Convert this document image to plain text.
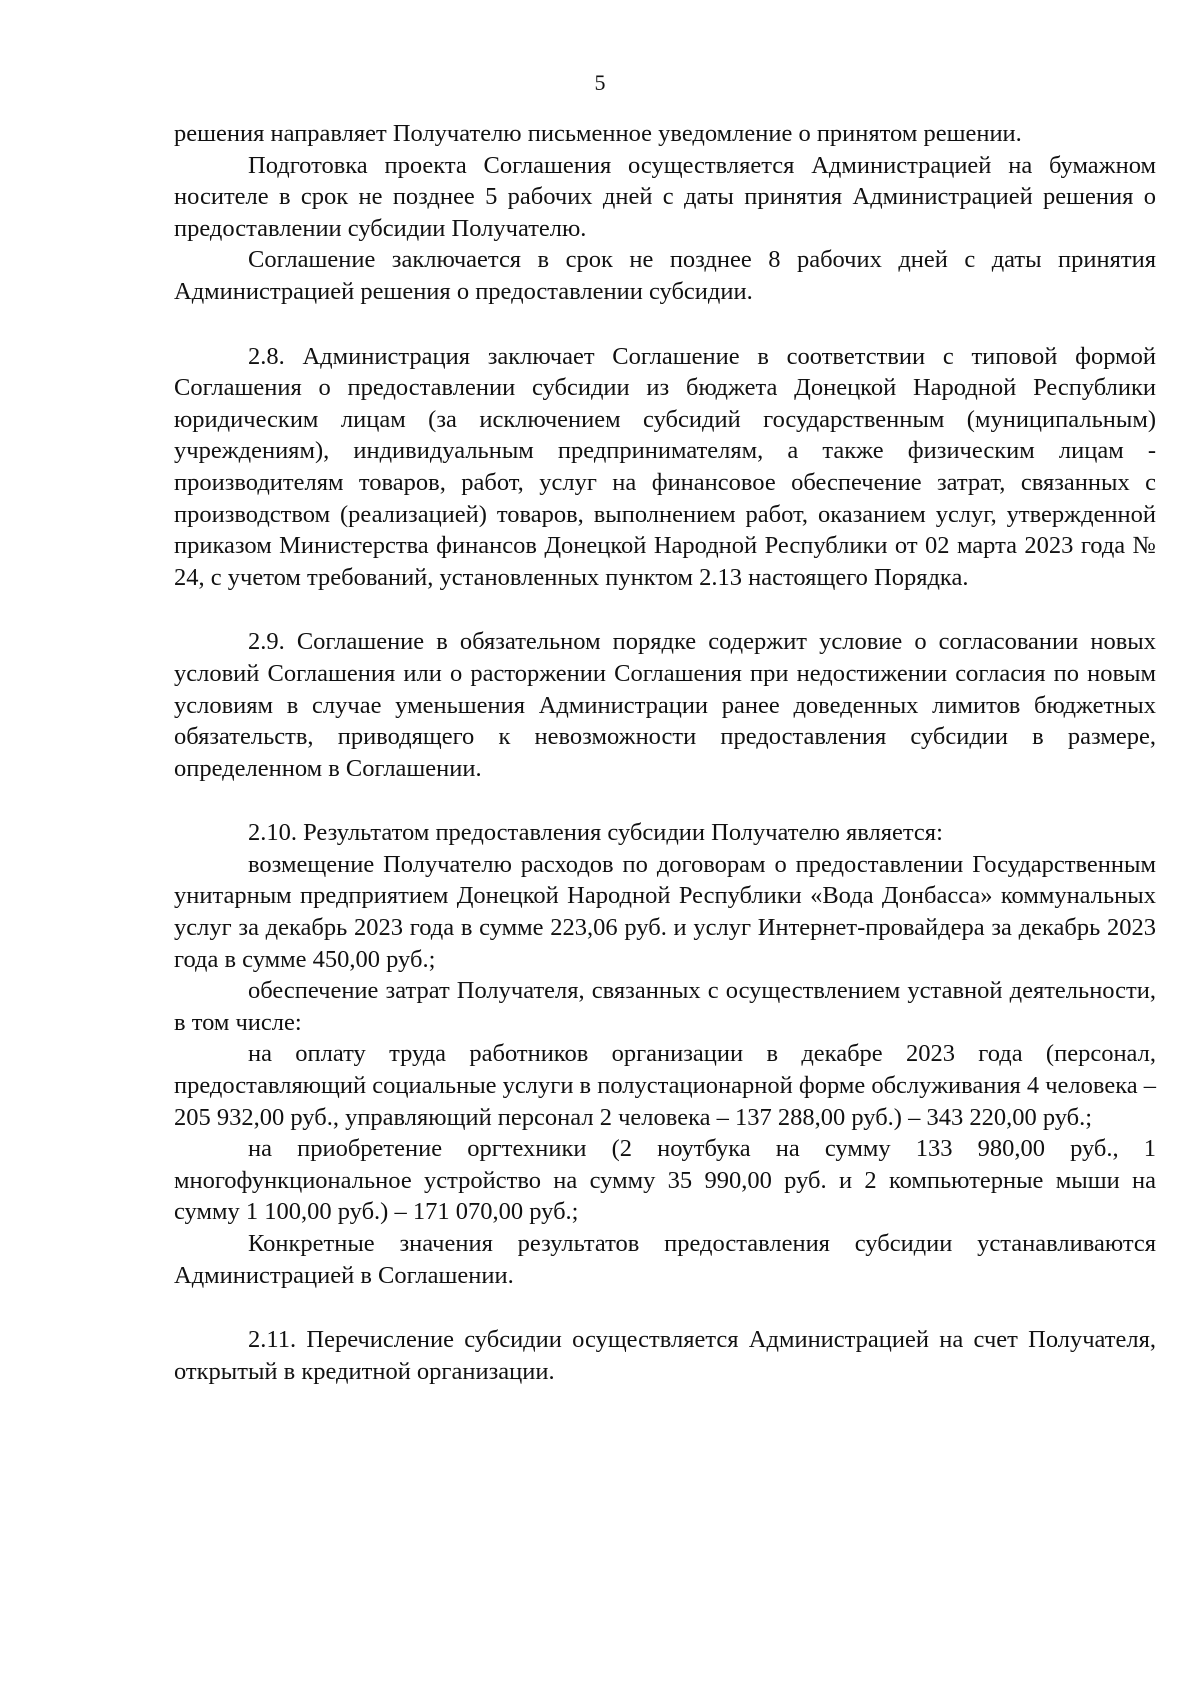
5

решения направляет Получателю письменное уведомление о принятом решении.

Подготовка проекта Соглашения осуществляется Администрацией на бумажном носителе в срок не позднее 5 рабочих дней с даты принятия Администрацией решения о предоставлении субсидии Получателю.

Соглашение заключается в срок не позднее 8 рабочих дней с даты принятия Администрацией решения о предоставлении субсидии.

2.8. Администрация заключает Соглашение в соответствии с типовой формой Соглашения о предоставлении субсидии из бюджета Донецкой Народной Республики юридическим лицам (за исключением субсидий государственным (муниципальным) учреждениям), индивидуальным предпринимателям, а также физическим лицам - производителям товаров, работ, услуг на финансовое обеспечение затрат, связанных с производством (реализацией) товаров, выполнением работ, оказанием услуг, утвержденной приказом Министерства финансов Донецкой Народной Республики от 02 марта 2023 года № 24, с учетом требований, установленных пунктом 2.13 настоящего Порядка.

2.9. Соглашение в обязательном порядке содержит условие о согласовании новых условий Соглашения или о расторжении Соглашения при недостижении согласия по новым условиям в случае уменьшения Администрации ранее доведенных лимитов бюджетных обязательств, приводящего к невозможности предоставления субсидии в размере, определенном в Соглашении.

2.10. Результатом предоставления субсидии Получателю является:

возмещение Получателю расходов по договорам о предоставлении Государственным унитарным предприятием Донецкой Народной Республики «Вода Донбасса» коммунальных услуг за декабрь 2023 года в сумме 223,06 руб. и услуг Интернет-провайдера за декабрь 2023 года в сумме 450,00 руб.;

обеспечение затрат Получателя, связанных с осуществлением уставной деятельности, в том числе:

на оплату труда работников организации в декабре 2023 года (персонал, предоставляющий социальные услуги в полустационарной форме обслуживания 4 человека –205 932,00 руб., управляющий персонал 2 человека – 137 288,00 руб.) – 343 220,00 руб.;

на приобретение оргтехники (2 ноутбука на сумму 133 980,00 руб., 1 многофункциональное устройство на сумму 35 990,00 руб. и 2 компьютерные мыши на сумму 1 100,00 руб.) – 171 070,00 руб.;

Конкретные значения результатов предоставления субсидии устанавливаются Администрацией в Соглашении.

2.11. Перечисление субсидии осуществляется Администрацией на счет Получателя, открытый в кредитной организации.
